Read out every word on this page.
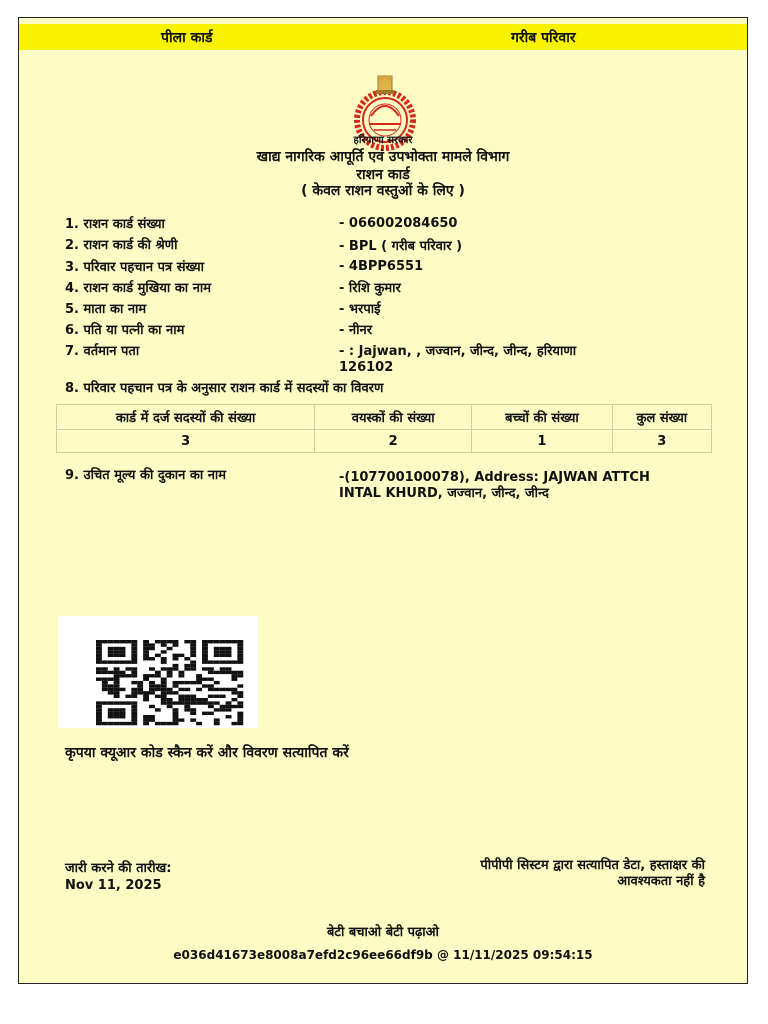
पीला कार्ड	गरीब परिवार
हरियाणा सरकार
खाद्य नागरिक आपूर्ति एवं उपभोक्ता मामले विभाग
राशन कार्ड
( केवल राशन वस्तुओं के लिए )
1. राशन कार्ड संख्या	- 066002084650
2. राशन कार्ड की श्रेणी	- BPL ( गरीब परिवार )
3. परिवार पहचान पत्र संख्या	- 4BPP6551
4. राशन कार्ड मुखिया का नाम	- रिशि कुमार
5. माता का नाम	- भरपाई
6. पति या पत्नी का नाम	- नीनर
7. वर्तमान पता	- : Jajwan, , जज्वान, जीन्द, जीन्द, हरियाणा
126102
8. परिवार पहचान पत्र के अनुसार राशन कार्ड में सदस्यों का विवरण
कार्ड में दर्ज सदस्यों की संख्या	वयस्कों की संख्या	बच्चों की संख्या	कुल संख्या
3	2	1	3
9. उचित मूल्य की दुकान का नाम	-(107700100078), Address: JAJWAN ATTCH INTAL KHURD, जज्वान, जीन्द, जीन्द
कृपया क्यूआर कोड स्कैन करें और विवरण सत्यापित करें
जारी करने की तारीख:
Nov 11, 2025
पीपीपी सिस्टम द्वारा सत्यापित डेटा, हस्ताक्षर की
आवश्यकता नहीं है
बेटी बचाओ बेटी पढ़ाओ
e036d41673e8008a7efd2c96ee66df9b @ 11/11/2025 09:54:15
